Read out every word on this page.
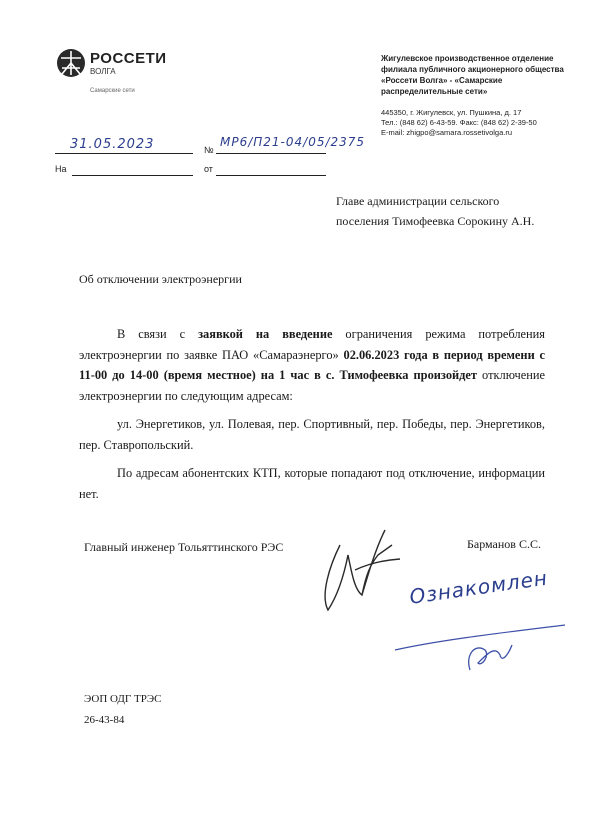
РОССЕТИ
ВОЛГА
Самарские сети
Жигулевское производственное отделение филиала публичного акционерного общества «Россети Волга» - «Самарские распределительные сети»
445350, г. Жигулевск, ул. Пушкина, д. 17
Тел.: (848 62) 6-43-59. Факс: (848 62) 2-39-50
E-mail: zhigpo@samara.rossetivolga.ru
31.05.2023	№
МР6/П21-04/05/2375
На	от
Главе администрации сельского
поселения Тимофеевка Сорокину А.Н.
Об отключении электроэнергии
В связи с заявкой на введение ограничения режима потребления электроэнергии по заявке ПАО «Самараэнерго» 02.06.2023 года в период времени с 11-00 до 14-00 (время местное) на 1 час в с. Тимофеевка произойдет отключение электроэнергии по следующим адресам:
ул. Энергетиков, ул. Полевая, пер. Спортивный, пер. Победы, пер. Энергетиков, пер. Ставропольский.
По адресам абонентских КТП, которые попадают под отключение, информации нет.
Главный инженер Тольяттинского РЭС	Барманов С.С.
Ознакомлен
ЭОП ОДГ ТРЭС
26-43-84
